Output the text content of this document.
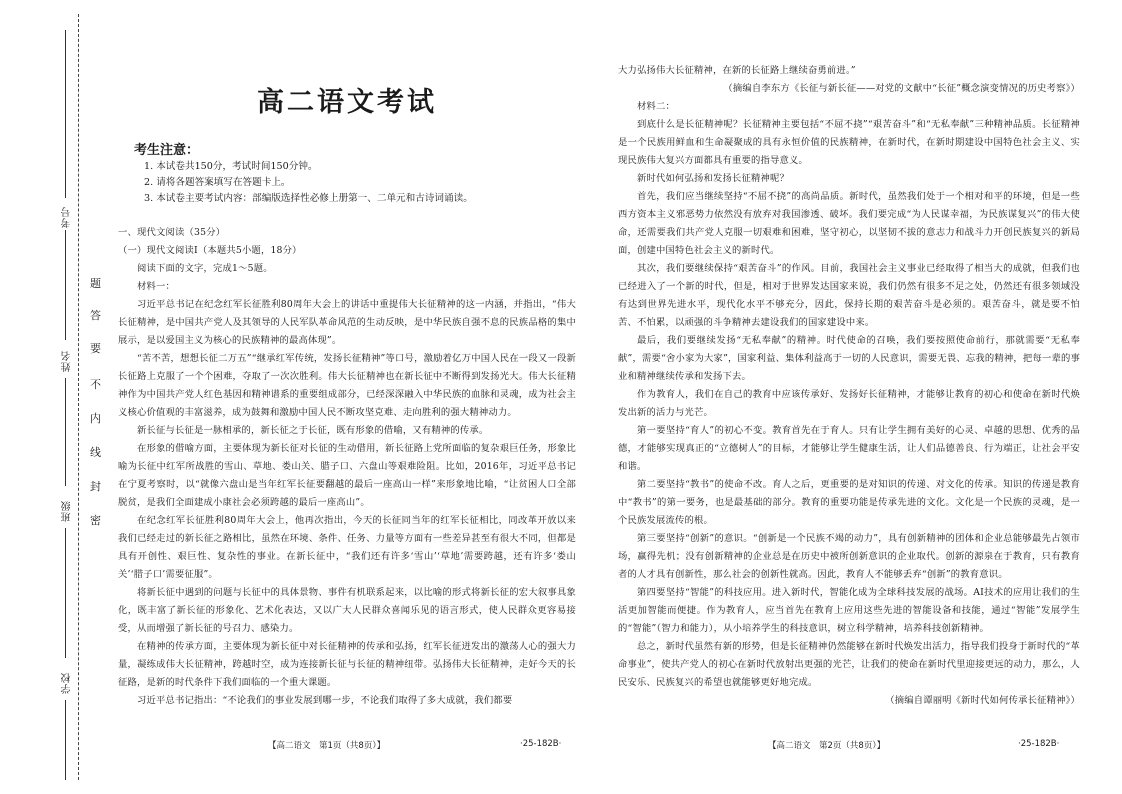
考号
姓名
班级
学校
题
答
要
不
内
线
封
密
高二语文考试
考生注意：
1. 本试卷共150分，考试时间150分钟。
2. 请将各题答案填写在答题卡上。
3. 本试卷主要考试内容：部编版选择性必修上册第一、二单元和古诗词诵读。

一、现代文阅读（35分）

（一）现代文阅读Ⅰ（本题共5小题，18分）

阅读下面的文字，完成1～5题。

材料一：

习近平总书记在纪念红军长征胜利80周年大会上的讲话中重提伟大长征精神的这一内涵，并指出，“伟大长征精神，是中国共产党人及其领导的人民军队革命风范的生动反映，是中华民族自强不息的民族品格的集中展示，是以爱国主义为核心的民族精神的最高体现”。

“苦不苦，想想长征二万五”“继承红军传统，发扬长征精神”等口号，激励着亿万中国人民在一段又一段新长征路上克服了一个个困难，夺取了一次次胜利。伟大长征精神也在新长征中不断得到发扬光大。伟大长征精神作为中国共产党人红色基因和精神谱系的重要组成部分，已经深深融入中华民族的血脉和灵魂，成为社会主义核心价值观的丰富滋养，成为鼓舞和激励中国人民不断攻坚克难、走向胜利的强大精神动力。

新长征与长征是一脉相承的，新长征之于长征，既有形象的借喻，又有精神的传承。

在形象的借喻方面，主要体现为新长征对长征的生动借用，新长征路上党所面临的复杂艰巨任务，形象比喻为长征中红军所战胜的雪山、草地、娄山关、腊子口、六盘山等艰难险阻。比如，2016年，习近平总书记在宁夏考察时，以“就像六盘山是当年红军长征要翻越的最后一座高山一样”来形象地比喻，“让贫困人口全部脱贫，是我们全面建成小康社会必须跨越的最后一座高山”。

在纪念红军长征胜利80周年大会上，他再次指出，今天的长征同当年的红军长征相比，同改革开放以来我们已经走过的新长征之路相比，虽然在环境、条件、任务、力量等方面有一些差异甚至有很大不同，但都是具有开创性、艰巨性、复杂性的事业。在新长征中，“我们还有许多‘雪山’‘草地’需要跨越，还有许多‘娄山关’‘腊子口’需要征服”。

将新长征中遇到的问题与长征中的具体景物、事件有机联系起来，以比喻的形式将新长征的宏大叙事具象化，既丰富了新长征的形象化、艺术化表达，又以广大人民群众喜闻乐见的语言形式，使人民群众更容易接受，从而增强了新长征的号召力、感染力。

在精神的传承方面，主要体现为新长征中对长征精神的传承和弘扬，红军长征迸发出的激荡人心的强大力量，凝练成伟大长征精神，跨越时空，成为连接新长征与长征的精神纽带。弘扬伟大长征精神，走好今天的长征路，是新的时代条件下我们面临的一个重大课题。

习近平总书记指出：“不论我们的事业发展到哪一步，不论我们取得了多大成就，我们都要

【高二语文　第1页（共8页）】	·25-182B·

大力弘扬伟大长征精神，在新的长征路上继续奋勇前进。”

（摘编自李东方《长征与新长征——对党的文献中“长征”概念演变情况的历史考察》）

材料二：

到底什么是长征精神呢？长征精神主要包括“不屈不挠”“艰苦奋斗”和“无私奉献”三种精神品质。长征精神是一个民族用鲜血和生命凝聚成的具有永恒价值的民族精神，在新时代，在新时期建设中国特色社会主义、实现民族伟大复兴方面都具有重要的指导意义。

新时代如何弘扬和发扬长征精神呢？

首先，我们应当继续坚持“不屈不挠”的高尚品质。新时代，虽然我们处于一个相对和平的环境，但是一些西方资本主义邪恶势力依然没有放弃对我国渗透、破坏。我们要完成“为人民谋幸福，为民族谋复兴”的伟大使命，还需要我们共产党人克服一切艰难和困难，坚守初心，以坚韧不拔的意志力和战斗力开创民族复兴的新局面，创建中国特色社会主义的新时代。

其次，我们要继续保持“艰苦奋斗”的作风。目前，我国社会主义事业已经取得了相当大的成就，但我们也已经进入了一个新的时代，但是，相对于世界发达国家来说，我们仍然有很多不足之处，仍然还有很多领域没有达到世界先进水平，现代化水平不够充分，因此，保持长期的艰苦奋斗是必须的。艰苦奋斗，就是要不怕苦、不怕累，以顽强的斗争精神去建设我们的国家建设中来。

最后，我们要继续发扬“无私奉献”的精神。时代使命的召唤，我们要按照使命前行，那就需要“无私奉献”，需要“舍小家为大家”，国家利益、集体利益高于一切的人民意识，需要无畏、忘我的精神，把每一辈的事业和精神继续传承和发扬下去。

作为教育人，我们在自己的教育中应该传承好、发扬好长征精神，才能够让教育的初心和使命在新时代焕发出新的活力与光芒。

第一要坚持“育人”的初心不变。教育首先在于育人。只有让学生拥有美好的心灵、卓越的思想、优秀的品德，才能够实现真正的“立德树人”的目标，才能够让学生健康生活，让人们品德善良、行为端正，让社会平安和谐。

第二要坚持“教书”的使命不改。育人之后，更重要的是对知识的传递、对文化的传承。知识的传递是教育中“教书”的第一要务，也是最基础的部分。教育的重要功能是传承先进的文化。文化是一个民族的灵魂，是一个民族发展流传的根。

第三要坚持“创新”的意识。“创新是一个民族不竭的动力”，具有创新精神的团体和企业总能够最先占领市场，赢得先机；没有创新精神的企业总是在历史中被所创新意识的企业取代。创新的源泉在于教育，只有教育者的人才具有创新性，那么社会的创新性就高。因此，教育人不能够丢弃“创新”的教育意识。

第四要坚持“智能”的科技应用。进入新时代，智能化成为全球科技发展的战场。AI技术的应用让我们的生活更加智能而便捷。作为教育人，应当首先在教育上应用这些先进的智能设备和技能，通过“智能”发展学生的“智能”（智力和能力），从小培养学生的科技意识，树立科学精神，培养科技创新精神。

总之，新时代虽然有新的形势，但是长征精神仍然能够在新时代焕发出活力，指导我们投身于新时代的“革命事业”，使共产党人的初心在新时代放射出更强的光芒，让我们的使命在新时代里迎接更远的动力，那么，人民安乐、民族复兴的希望也就能够更好地完成。

（摘编自谭丽明《新时代如何传承长征精神》）

【高二语文　第2页（共8页）】	·25-182B·
